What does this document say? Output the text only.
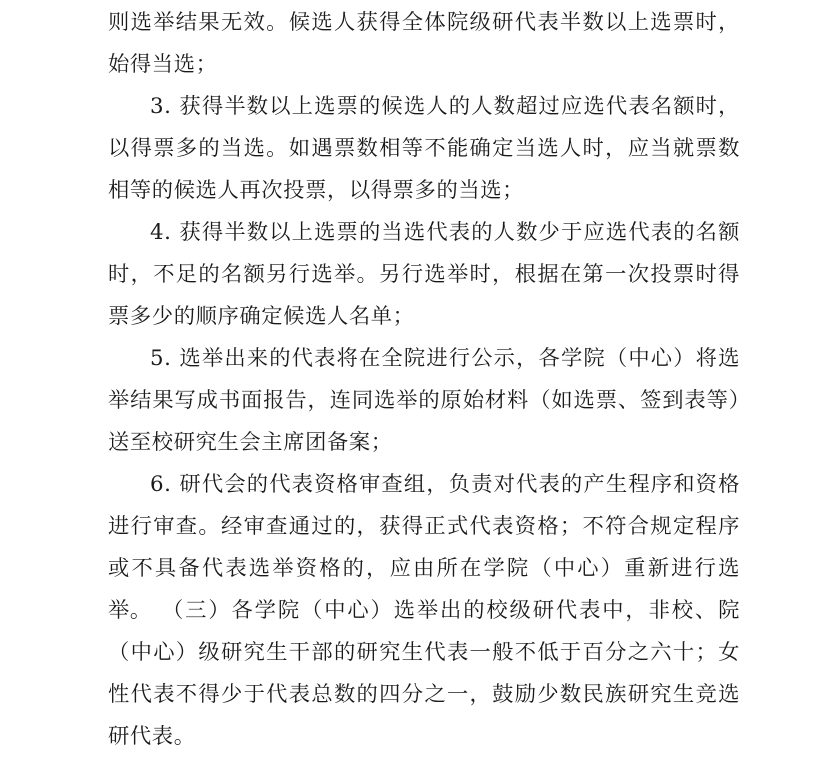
则选举结果无效。候选人获得全体院级研代表半数以上选票时，始得当选；

3. 获得半数以上选票的候选人的人数超过应选代表名额时，以得票多的当选。如遇票数相等不能确定当选人时，应当就票数相等的候选人再次投票，以得票多的当选；

4. 获得半数以上选票的当选代表的人数少于应选代表的名额时，不足的名额另行选举。另行选举时，根据在第一次投票时得票多少的顺序确定候选人名单；

5. 选举出来的代表将在全院进行公示，各学院（中心）将选举结果写成书面报告，连同选举的原始材料（如选票、签到表等）送至校研究生会主席团备案；

6. 研代会的代表资格审查组，负责对代表的产生程序和资格进行审查。经审查通过的，获得正式代表资格；不符合规定程序或不具备代表选举资格的，应由所在学院（中心）重新进行选举。 （三）各学院（中心）选举出的校级研代表中，非校、院（中心）级研究生干部的研究生代表一般不低于百分之六十；女性代表不得少于代表总数的四分之一，鼓励少数民族研究生竞选研代表。
